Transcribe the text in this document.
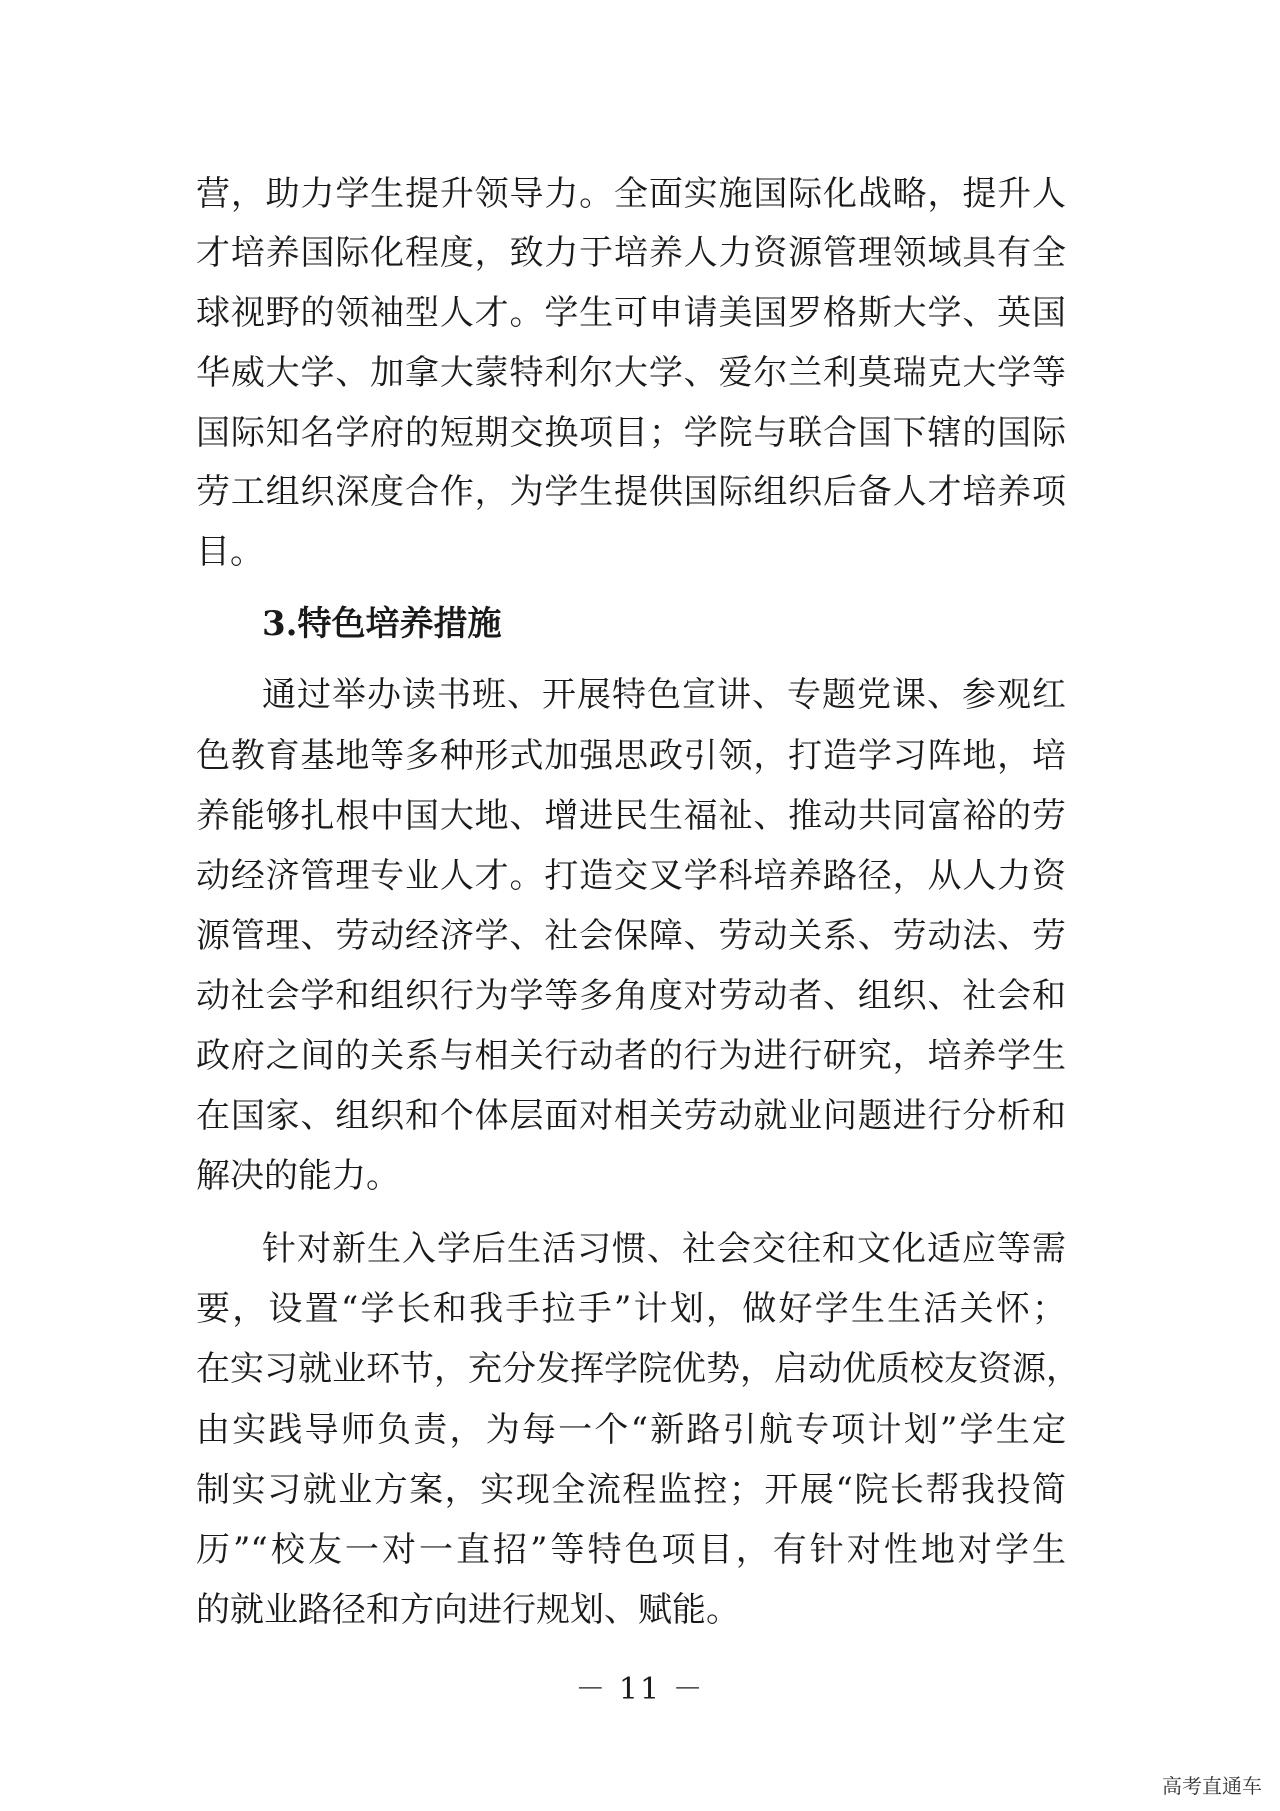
营，助力学生提升领导力。全面实施国际化战略，提升人
才培养国际化程度，致力于培养人力资源管理领域具有全
球视野的领袖型人才。学生可申请美国罗格斯大学、英国
华威大学、加拿大蒙特利尔大学、爱尔兰利莫瑞克大学等
国际知名学府的短期交换项目；学院与联合国下辖的国际
劳工组织深度合作，为学生提供国际组织后备人才培养项
目。
3.特色培养措施
通过举办读书班、开展特色宣讲、专题党课、参观红
色教育基地等多种形式加强思政引领，打造学习阵地，培
养能够扎根中国大地、增进民生福祉、推动共同富裕的劳
动经济管理专业人才。打造交叉学科培养路径，从人力资
源管理、劳动经济学、社会保障、劳动关系、劳动法、劳
动社会学和组织行为学等多角度对劳动者、组织、社会和
政府之间的关系与相关行动者的行为进行研究，培养学生
在国家、组织和个体层面对相关劳动就业问题进行分析和
解决的能力。
针对新生入学后生活习惯、社会交往和文化适应等需
要，设置“学长和我手拉手”计划，做好学生生活关怀；
在实习就业环节，充分发挥学院优势，启动优质校友资源，
由实践导师负责，为每一个“新路引航专项计划”学生定
制实习就业方案，实现全流程监控；开展“院长帮我投简
历”“校友一对一直招”等特色项目，有针对性地对学生
的就业路径和方向进行规划、赋能。
－ 11 －
高考直通车
